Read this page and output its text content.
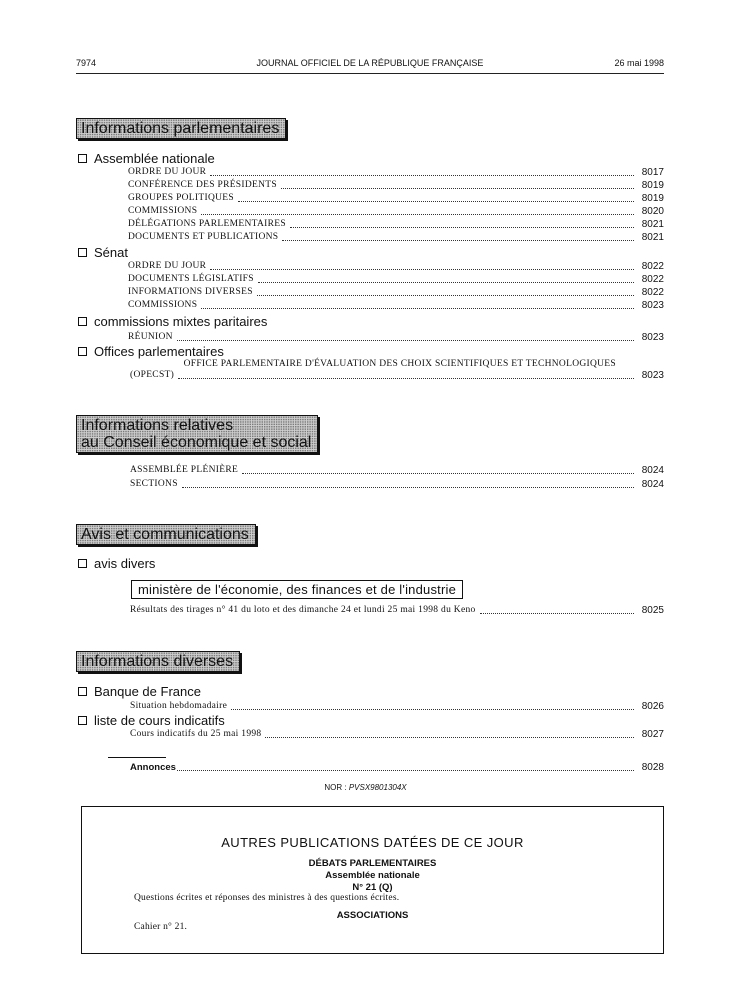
7974	JOURNAL OFFICIEL DE LA RÉPUBLIQUE FRANÇAISE	26 mai 1998
Informations parlementaires
Assemblée nationale
ORDRE DU JOUR	8017
CONFÉRENCE DES PRÉSIDENTS	8019
GROUPES POLITIQUES	8019
COMMISSIONS	8020
DÉLÉGATIONS PARLEMENTAIRES	8021
DOCUMENTS ET PUBLICATIONS	8021
Sénat
ORDRE DU JOUR	8022
DOCUMENTS LÉGISLATIFS	8022
INFORMATIONS DIVERSES	8022
COMMISSIONS	8023
commissions mixtes paritaires
RÉUNION	8023
Offices parlementaires
OFFICE PARLEMENTAIRE D'ÉVALUATION DES CHOIX SCIENTIFIQUES ET TECHNOLOGIQUES
(OPECST)	8023
Informations relatives
au Conseil économique et social
ASSEMBLÉE PLÉNIÈRE	8024
SECTIONS	8024
Avis et communications
avis divers
ministère de l'économie, des finances et de l'industrie
Résultats des tirages n° 41 du loto et des dimanche 24 et lundi 25 mai 1998 du Keno	8025
Informations diverses
Banque de France
Situation hebdomadaire	8026
liste de cours indicatifs
Cours indicatifs du 25 mai 1998	8027
Annonces	8028
NOR : PVSX9801304X
AUTRES PUBLICATIONS DATÉES DE CE JOUR
DÉBATS PARLEMENTAIRES
Assemblée nationale
N° 21 (Q)
Questions écrites et réponses des ministres à des questions écrites.
ASSOCIATIONS
Cahier n° 21.
